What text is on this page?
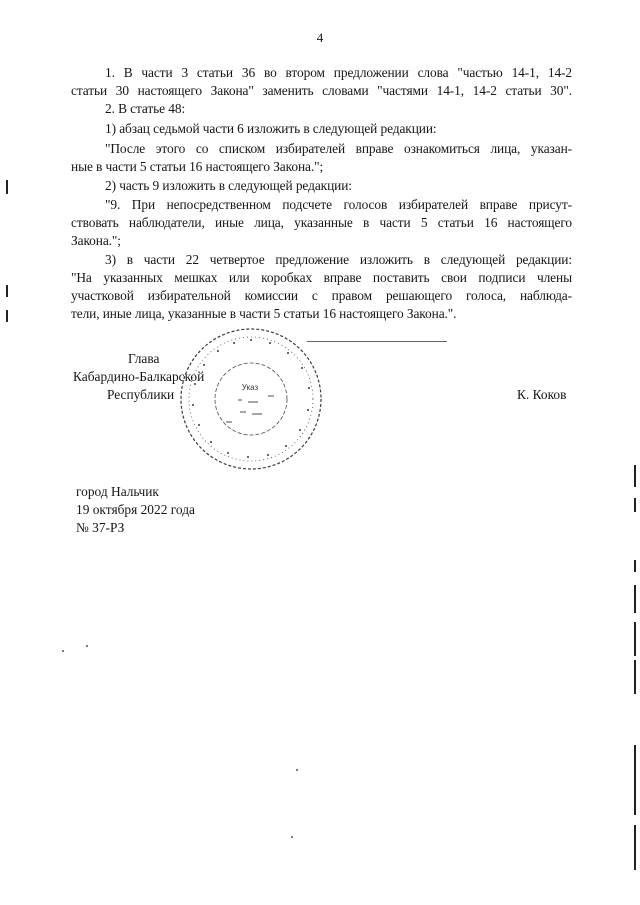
4
1. В части 3 статьи 36 во втором предложении слова "частью 14-1, 14-2
статьи 30 настоящего Закона" заменить словами "частями 14-1, 14-2 статьи 30".
2. В статье 48:
1) абзац седьмой части 6 изложить в следующей редакции:
"После этого со списком избирателей вправе ознакомиться лица, указан-
ные в части 5 статьи 16 настоящего Закона.";
2) часть 9 изложить в следующей редакции:
"9. При непосредственном подсчете голосов избирателей вправе присут-
ствовать наблюдатели, иные лица, указанные в части 5 статьи 16 настоящего
Закона.";
3) в части 22 четвертое предложение изложить в следующей редакции:
"На указанных мешках или коробках вправе поставить свои подписи члены
участковой избирательной комиссии с правом решающего голоса, наблюда-
тели, иные лица, указанные в части 5 статьи 16 настоящего Закона.".
Указ
Глава
Кабардино-Балкарской
Республики	К. Коков
город Нальчик
19 октября 2022 года
№ 37-РЗ
